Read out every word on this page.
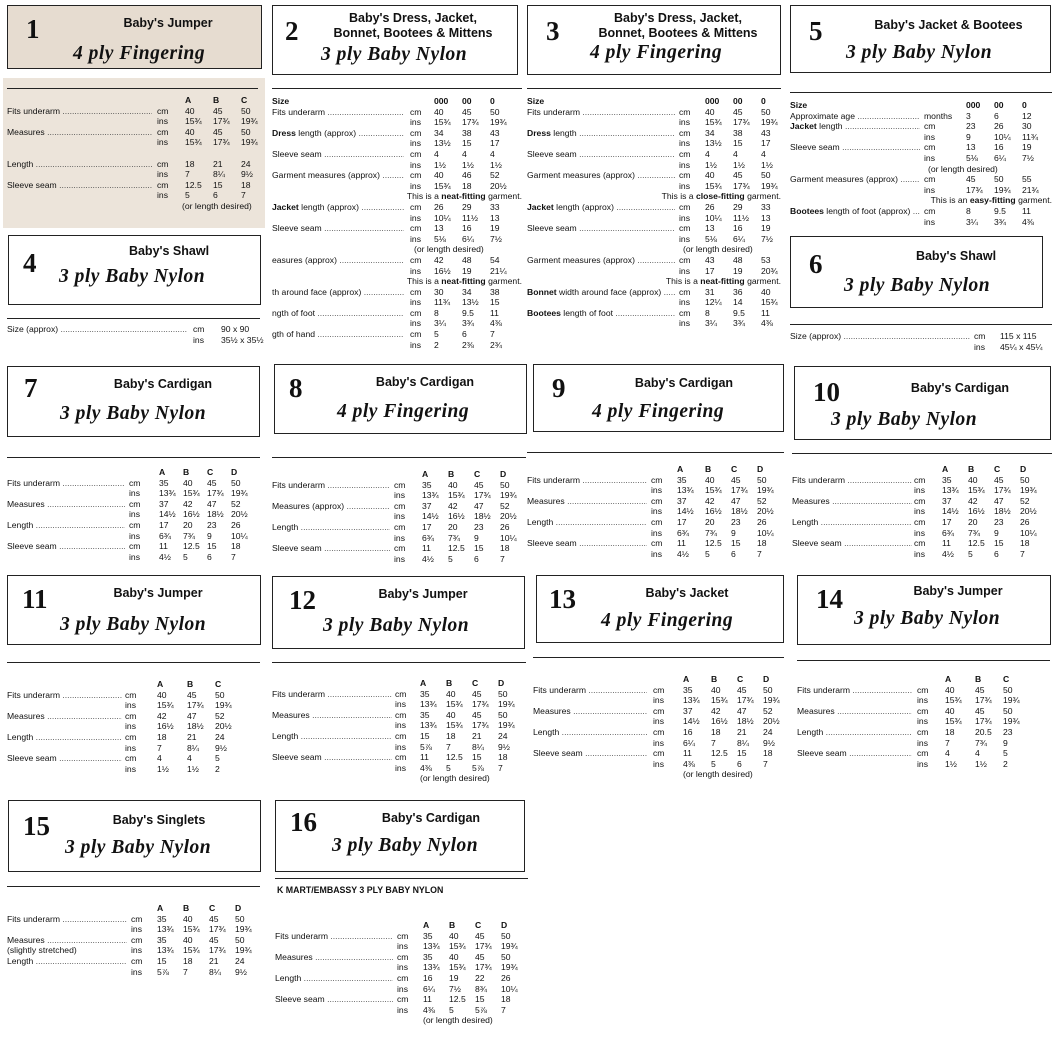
1	Baby's Jumper
4 ply Fingering
A	B	C
Fits underarm .....	cm 40	45	50
ins 15¾	17¾	19¾
Measures .....	cm 40	45	50
ins 15¾	17¾	19¾
Length .....	cm 18	21	24
ins 7	8¼	9½
Sleeve seam .....	cm 12.5	15	18
ins 5	6	7
(or length desired)
2	Baby's Dress, Jacket,
Bonnet, Bootees & Mittens
3 ply Baby Nylon
Size	000	00	0
Fits underarm .....	cm 40	45	50
ins 15¾	17¾	19¾
Dress length (approx) .....	cm 34	38	43
ins 13½	15	17
Sleeve seam .....	cm 4	4	4
ins 1½	1½	1½
Garment measures (approx) .....	cm 40	46	52
ins 15¾	18	20½
This is a neat-fitting garment.
Jacket length (approx) .....	cm 26	29	33
ins 10¼	11½	13
Sleeve seam .....	cm 13	16	19
ins 5⅛	6¼	7½
(or length desired)
easures (approx) .....	cm 42	48	54
ins 16½	19	21¼
This is a neat-fitting garment.
th around face (approx) .....	cm 30	34	38
ins 11¾	13½	15
ngth of foot .....	cm 8	9.5	11
ins 3¼	3¾	4⅜
gth of hand .....	cm 5	6	7
ins 2	2⅜	2¾
3	Baby's Dress, Jacket,
Bonnet, Bootees & Mittens
4 ply Fingering
Size	000	00	0
Fits underarm .....	cm 40	45	50
ins 15¾	17¾	19¾
Dress length .....	cm 34	38	43
ins 13½	15	17
Sleeve seam .....	cm 4	4	4
ins 1½	1½	1½
Garment measures (approx) .....	cm 40	45	50
ins 15¾	17¾	19¾
This is a close-fitting garment.
Jacket length (approx) .....	cm 26	29	33
ins 10¼	11½	13
Sleeve seam .....	cm 13	16	19
ins 5⅛	6¼	7½
(or length desired)
Garment measures (approx) .....	cm 43	48	53
ins 17	19	20¾
This is a neat-fitting garment.
Bonnet width around face (approx) .....	cm 31	36	40
ins 12¼	14	15¾
Bootees length of foot .....	cm 8	9.5	11
ins 3¼	3¾	4⅜
4	Baby's Shawl
3 ply Baby Nylon
Size (approx) .....	cm 90 x 90
ins 35½ x 35½
5	Baby's Jacket & Bootees
3 ply Baby Nylon
Size	000	00	0
Approximate age .....	months 3	6	12
Jacket length .....	cm	23	26	30
ins	9	10¼	11¾
Sleeve seam .....	cm	13	16	19
ins	5⅛	6¼	7½
(or length desired)
Garment measures (approx) .....	cm	45	50	55
ins	17¾	19¾	21¾
This is an easy-fitting garment.
Bootees length of foot (approx) .....	cm	8	9.5	11
ins	3¼	3¾	4⅜
6	Baby's Shawl
3 ply Baby Nylon
Size (approx) .....	cm 115 x 115
ins 45¼ x 45¼
7	Baby's Cardigan
3 ply Baby Nylon
A	B	C	D
Fits underarm .....	cm 35	40	45	50
ins 13¾ 15¾ 17¾ 19¾
Measures .....	cm 37	42	47	52
ins 14½ 16½ 18½ 20½
Length .....	cm 17	20	23	26
ins 6¾	7¾	9	10¼
Sleeve seam .....	cm 11	12.5 15	18
ins 4½	5	6	7
8	Baby's Cardigan
4 ply Fingering
A	B	C	D
Fits underarm .....	cm 35	40	45	50
ins 13¾	15¾	17¾	19¾
Measures (approx) .....	cm 37	42	47	52
ins 14½	16½	18½	20½
Length .....	cm 17	20	23	26
ins 6¾	7¾	9	10¼
Sleeve seam .....	cm 11	12.5	15	18
ins 4½	5	6	7
9	Baby's Cardigan
4 ply Fingering
A	B	C	D
Fits underarm .....	cm 35	40	45	50
ins 13¾	15¾	17¾	19¾
Measures .....	cm 37	42	47	52
ins 14½	16½	18½	20½
Length .....	cm 17	20	23	26
ins 6¾	7¾	9	10¼
Sleeve seam .....	cm 11	12.5	15	18
ins 4½	5	6	7
10	Baby's Cardigan
3 ply Baby Nylon
A	B	C	D
Fits underarm .....	cm 35	40	45	50
ins 13¾	15¾	17¾	19¾
Measures .....	cm 37	42	47	52
ins 14½	16½	18½	20½
Length .....	cm 17	20	23	26
ins 6¾	7¾	9	10¼
Sleeve seam .....	cm 11	12.5	15	18
ins 4½	5	6	7
11	Baby's Jumper
3 ply Baby Nylon
A	B	C
Fits underarm .....	cm 40	45	50
ins 15¾	17¾	19¾
Measures .....	cm 42	47	52
ins 16½	18½	20½
Length .....	cm 18	21	24
ins 7	8¼	9½
Sleeve seam .....	cm 4	4	5
ins 1½	1½	2
12	Baby's Jumper
3 ply Baby Nylon
A	B	C	D
Fits underarm .....	cm 35	40	45	50
ins 13¾	15¾	17¾	19¾
Measures .....	cm 35	40	45	50
ins 13¾	15¾	17¾	19¾
Length .....	cm 15	18	21	24
ins 5⅞	7	8¼	9½
Sleeve seam .....	cm 11	12.5	15	18
ins 4⅜	5	5⅞	7
(or length desired)
13	Baby's Jacket
4 ply Fingering
A	B	C	D
Fits underarm .....	cm 35	40	45	50
ins 13¾	15¾	17¾	19¾
Measures .....	cm 37	42	47	52
ins 14½	16½	18½	20½
Length .....	cm 16	18	21	24
ins 6¼	7	8¼	9½
Sleeve seam .....	cm 11	12.5	15	18
ins 4⅜	5	6	7
(or length desired)
14	Baby's Jumper
3 ply Baby Nylon
A	B	C
Fits underarm .....	cm 40	45	50
ins 15¾	17¾	19¾
Measures .....	cm 40	45	50
ins 15¾	17¾	19¾
Length .....	cm 18	20.5	23
ins 7	7¾	9
Sleeve seam .....	cm 4	4	5
ins 1½	1½	2
15	Baby's Singlets
3 ply Baby Nylon
A	B	C	D
Fits underarm .....	cm 35	40	45	50
ins 13¾	15¾	17¾	19¾
Measures .....	cm 35	40	45	50
(slightly stretched)	ins 13¾	15¾	17¾	19¾
Length .....	cm 15	18	21	24
ins 5⅞	7	8¼	9½
16	Baby's Cardigan
3 ply Baby Nylon
K MART/EMBASSY 3 PLY BABY NYLON
A	B	C	D
Fits underarm .....	cm 35	40	45	50
ins 13¾	15¾	17¾	19¾
Measures .....	cm 35	40	45	50
ins 13¾	15¾	17¾	19¾
Length .....	cm 16	19	22	26
ins 6¼	7½	8¾	10¼
Sleeve seam .....	cm 11	12.5	15	18
ins 4⅜	5	5⅞	7
(or length desired)
